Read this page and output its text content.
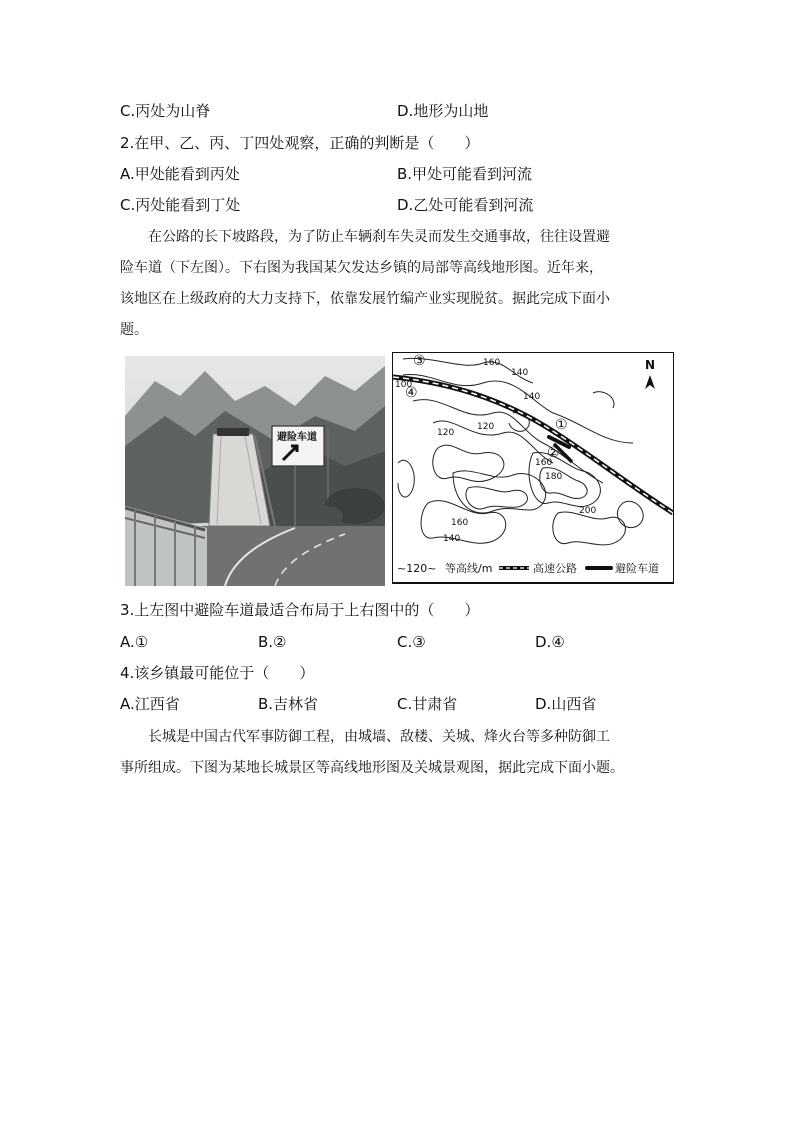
C.丙处为山脊	D.地形为山地
2.在甲、乙、丙、丁四处观察，正确的判断是（　　）
A.甲处能看到丙处	B.甲处可能看到河流
C.丙处能看到丁处	D.乙处可能看到河流
在公路的长下坡路段，为了防止车辆刹车失灵而发生交通事故，往往设置避
险车道（下左图）。下右图为我国某欠发达乡镇的局部等高线地形图。近年来，
该地区在上级政府的大力支持下，依靠发展竹编产业实现脱贫。据此完成下面小
题。
避险车道
③
④
①
②
160
140
100
140
120
120
160
180
200
160
140
N
~120~ 等高线/m	高速公路	避险车道
3.上左图中避险车道最适合布局于上右图中的（　　）
A.①	B.②	C.③	D.④
4.该乡镇最可能位于（　　）
A.江西省	B.吉林省	C.甘肃省	D.山西省
长城是中国古代军事防御工程，由城墙、敌楼、关城、烽火台等多种防御工
事所组成。下图为某地长城景区等高线地形图及关城景观图，据此完成下面小题。
